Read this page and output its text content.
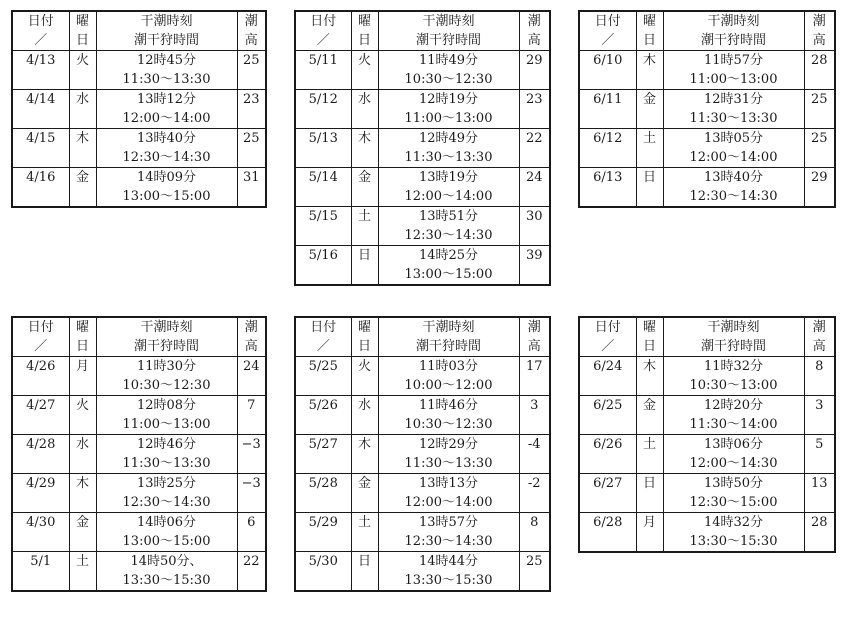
日付
／	曜
日	干潮時刻
潮干狩時間	潮
高

4/13	火	12時45分
11:30～13:30	25
4/14	水	13時12分
12:00～14:00	23
4/15	木	13時40分
12:30～14:30	25
4/16	金	14時09分
13:00～15:00	31
日付
／	曜
日	干潮時刻
潮干狩時間	潮
高

5/11	火	11時49分
10:30～12:30	29
5/12	水	12時19分
11:00～13:00	23
5/13	木	12時49分
11:30～13:30	22
5/14	金	13時19分
12:00～14:00	24
5/15	土	13時51分
12:30～14:30	30
5/16	日	14時25分
13:00～15:00	39
日付
／	曜
日	干潮時刻
潮干狩時間	潮
高

6/10	木	11時57分
11:00～13:00	28
6/11	金	12時31分
11:30～13:30	25
6/12	土	13時05分
12:00～14:00	25
6/13	日	13時40分
12:30～14:30	29
日付
／	曜
日	干潮時刻
潮干狩時間	潮
高

4/26	月	11時30分
10:30～12:30	24
4/27	火	12時08分
11:00～13:00	7
4/28	水	12時46分
11:30～13:30	−3
4/29	木	13時25分
12:30～14:30	−3
4/30	金	14時06分
13:00～15:00	6
5/1	土	14時50分、
13:30～15:30	22
日付
／	曜
日	干潮時刻
潮干狩時間	潮
高

5/25	火	11時03分
10:00～12:00	17
5/26	水	11時46分
10:30～12:30	3
5/27	木	12時29分
11:30～13:30	-4
5/28	金	13時13分
12:00～14:00	-2
5/29	土	13時57分
12:30～14:30	8
5/30	日	14時44分
13:30～15:30	25
日付
／	曜
日	干潮時刻
潮干狩時間	潮
高

6/24	木	11時32分
10:30～13:00	8
6/25	金	12時20分
11:30～14:00	3
6/26	土	13時06分
12:00～14:30	5
6/27	日	13時50分
12:30～15:00	13
6/28	月	14時32分
13:30～15:30	28
